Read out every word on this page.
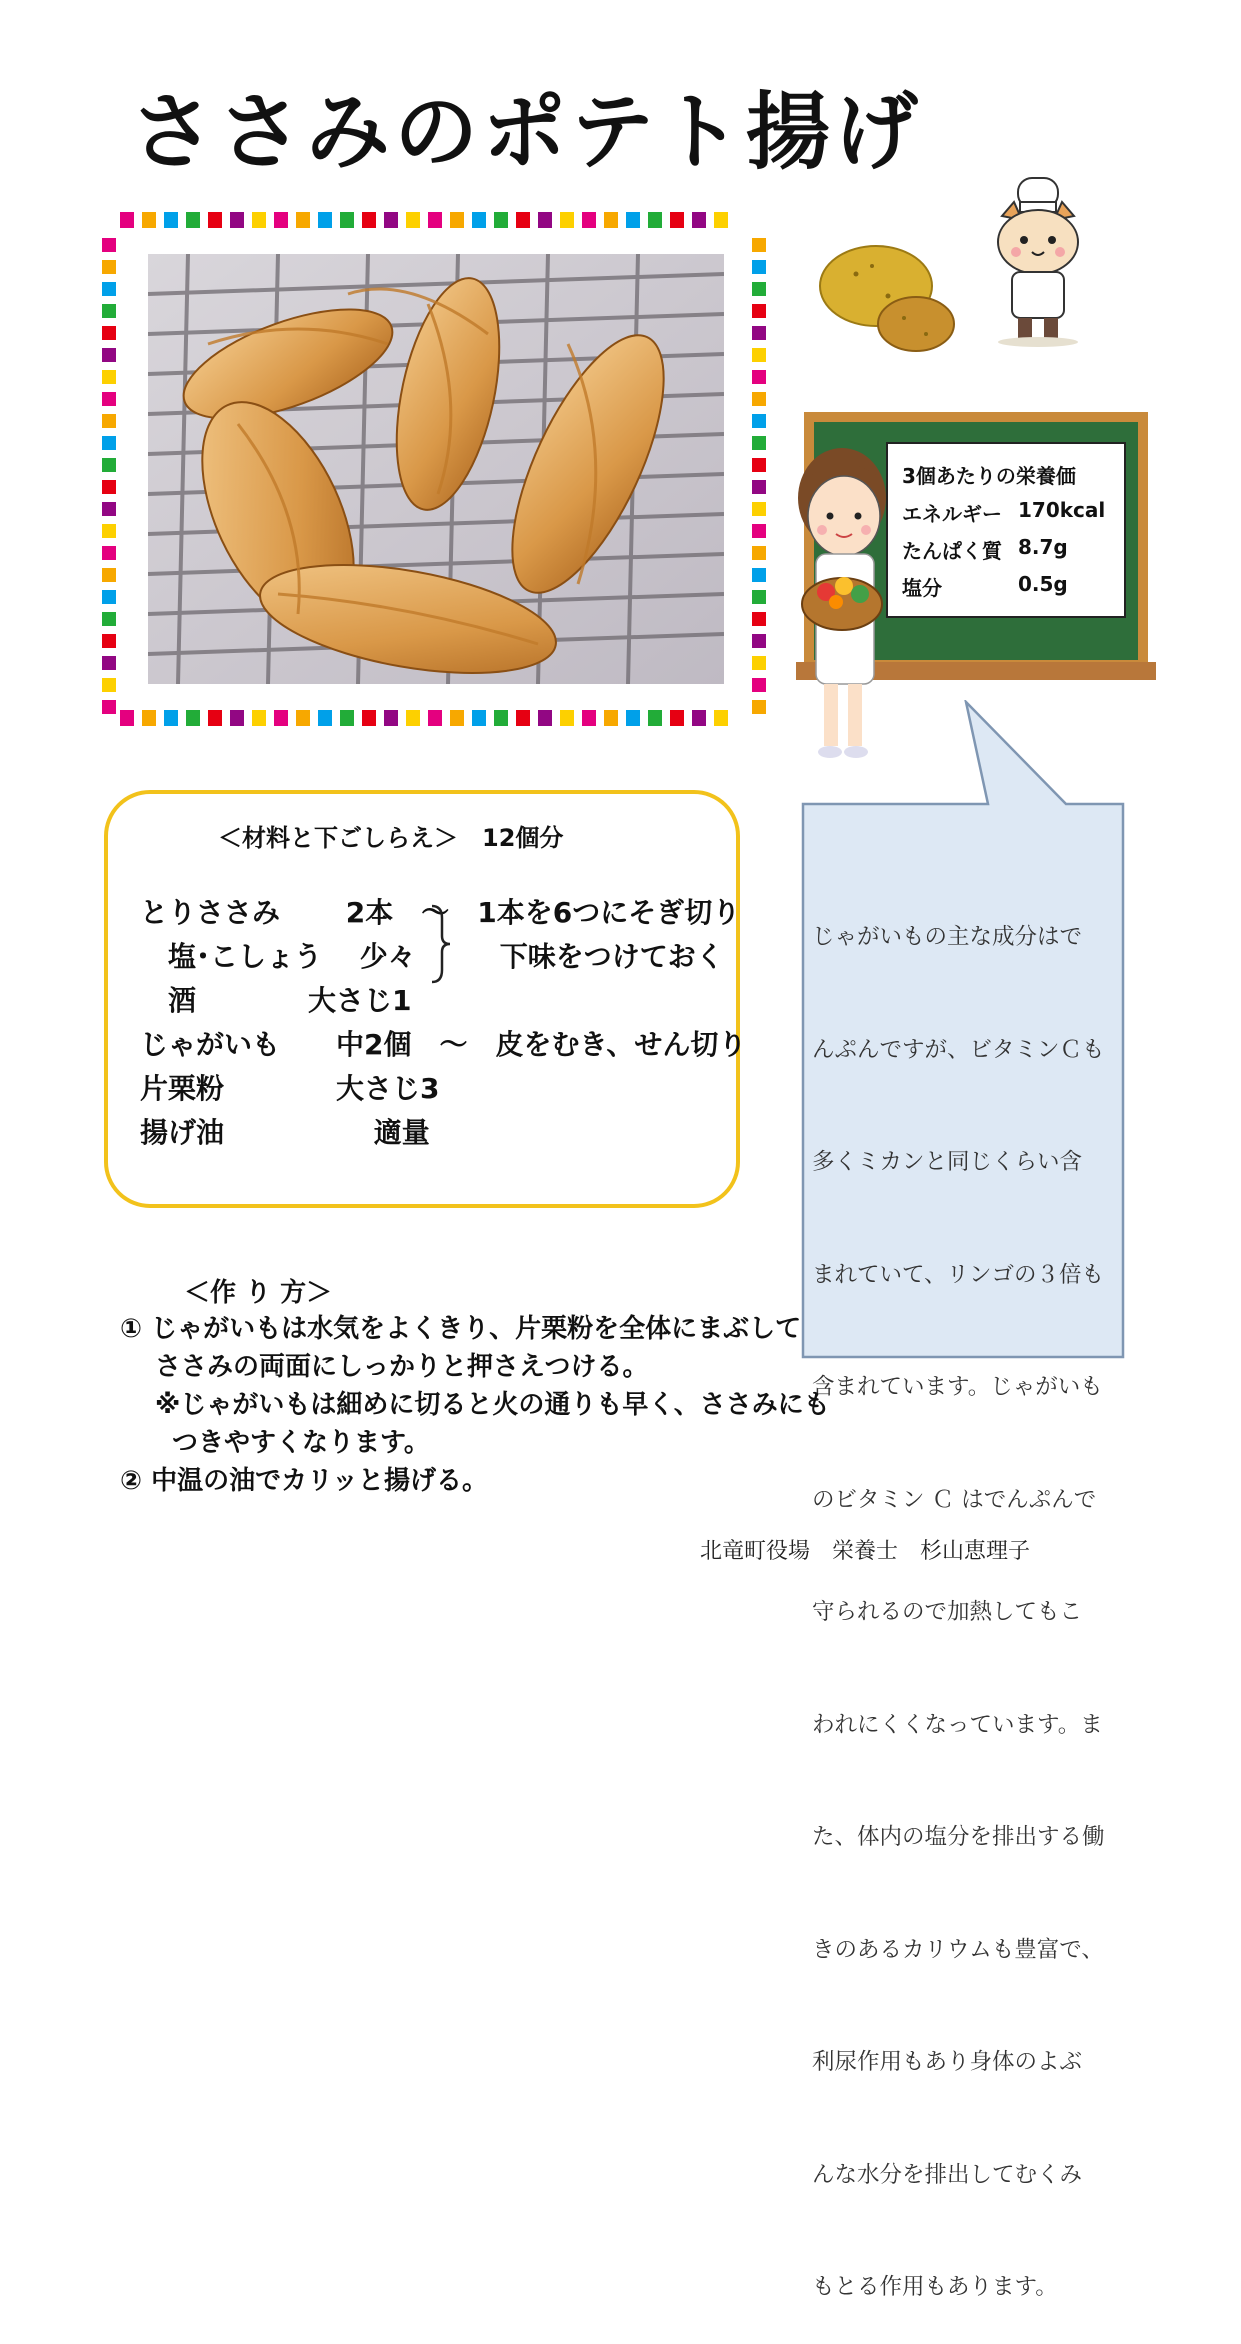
ささみのポテト揚げ
3個あたりの栄養価
エネルギー 170kcal
たんぱく質 8.7g
塩分	0.5g

じゃがいもの主な成分はで

んぷんですが、ビタミンＣも

多くミカンと同じくらい含

まれていて、リンゴの３倍も

含まれています。じゃがいも

のビタミン Ｃ はでんぷんで

守られるので加熱してもこ

われにくくなっています。ま

た、体内の塩分を排出する働

きのあるカリウムも豊富で、

利尿作用もあり身体のよぶ

んな水分を排出してむくみ

もとる作用もあります。

＜材料と下ごしらえ＞　12個分
とりささみ　　 2本　～　1本を6つにそぎ切り
　塩･こしょう　 少々　　　下味をつけておく
　酒　　　　大さじ1
じゃがいも　　中2個　～　皮をむき、せん切り
片栗粉　　　　大さじ3
揚げ油　　　　　 適量
＜作 り 方＞
① じゃがいもは水気をよくきり、片栗粉を全体にまぶして
　 ささみの両面にしっかりと押さえつける。
　 ※じゃがいもは細めに切ると火の通りも早く、ささみにも
　　つきやすくなります。
② 中温の油でカリッと揚げる。
北竜町役場　栄養士　杉山恵理子
